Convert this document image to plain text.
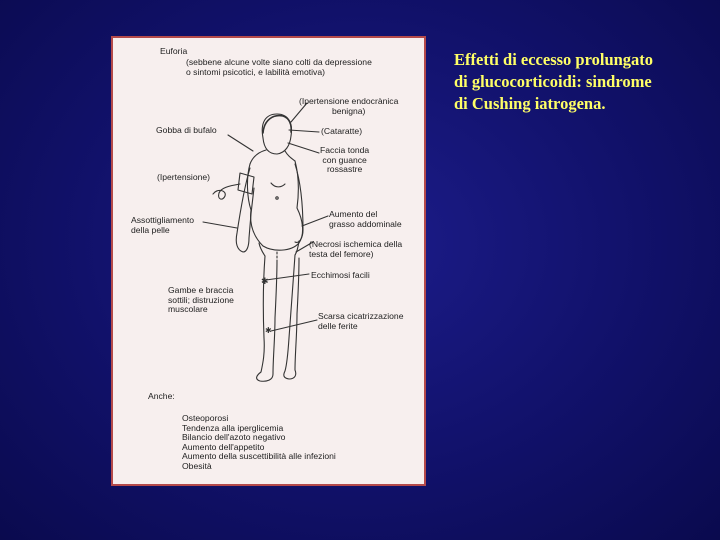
✱
✱
Euforia
(sebbene alcune volte siano colti da depressione
o sintomi psicotici, e labilità emotiva)
(Ipertensione endocrànica
benigna)
Gobba di bufalo	(Cataratte)
Faccia tonda
con guance
rossastre
(Ipertensione)
Assottigliamento
della pelle
Aumento del
grasso addominale
(Necrosi ischemica della
testa del femore)
Ecchimosi facili
Gambe e braccia
sottili; distruzione
muscolare
Scarsa cicatrizzazione
delle ferite
Anche:
Osteoporosi
Tendenza alla iperglicemia
Bilancio dell'azoto negativo
Aumento dell'appetito
Aumento della suscettibilità alle infezioni
Obesità
Effetti di eccesso prolungato
di glucocorticoidi: sindrome
di Cushing iatrogena.
